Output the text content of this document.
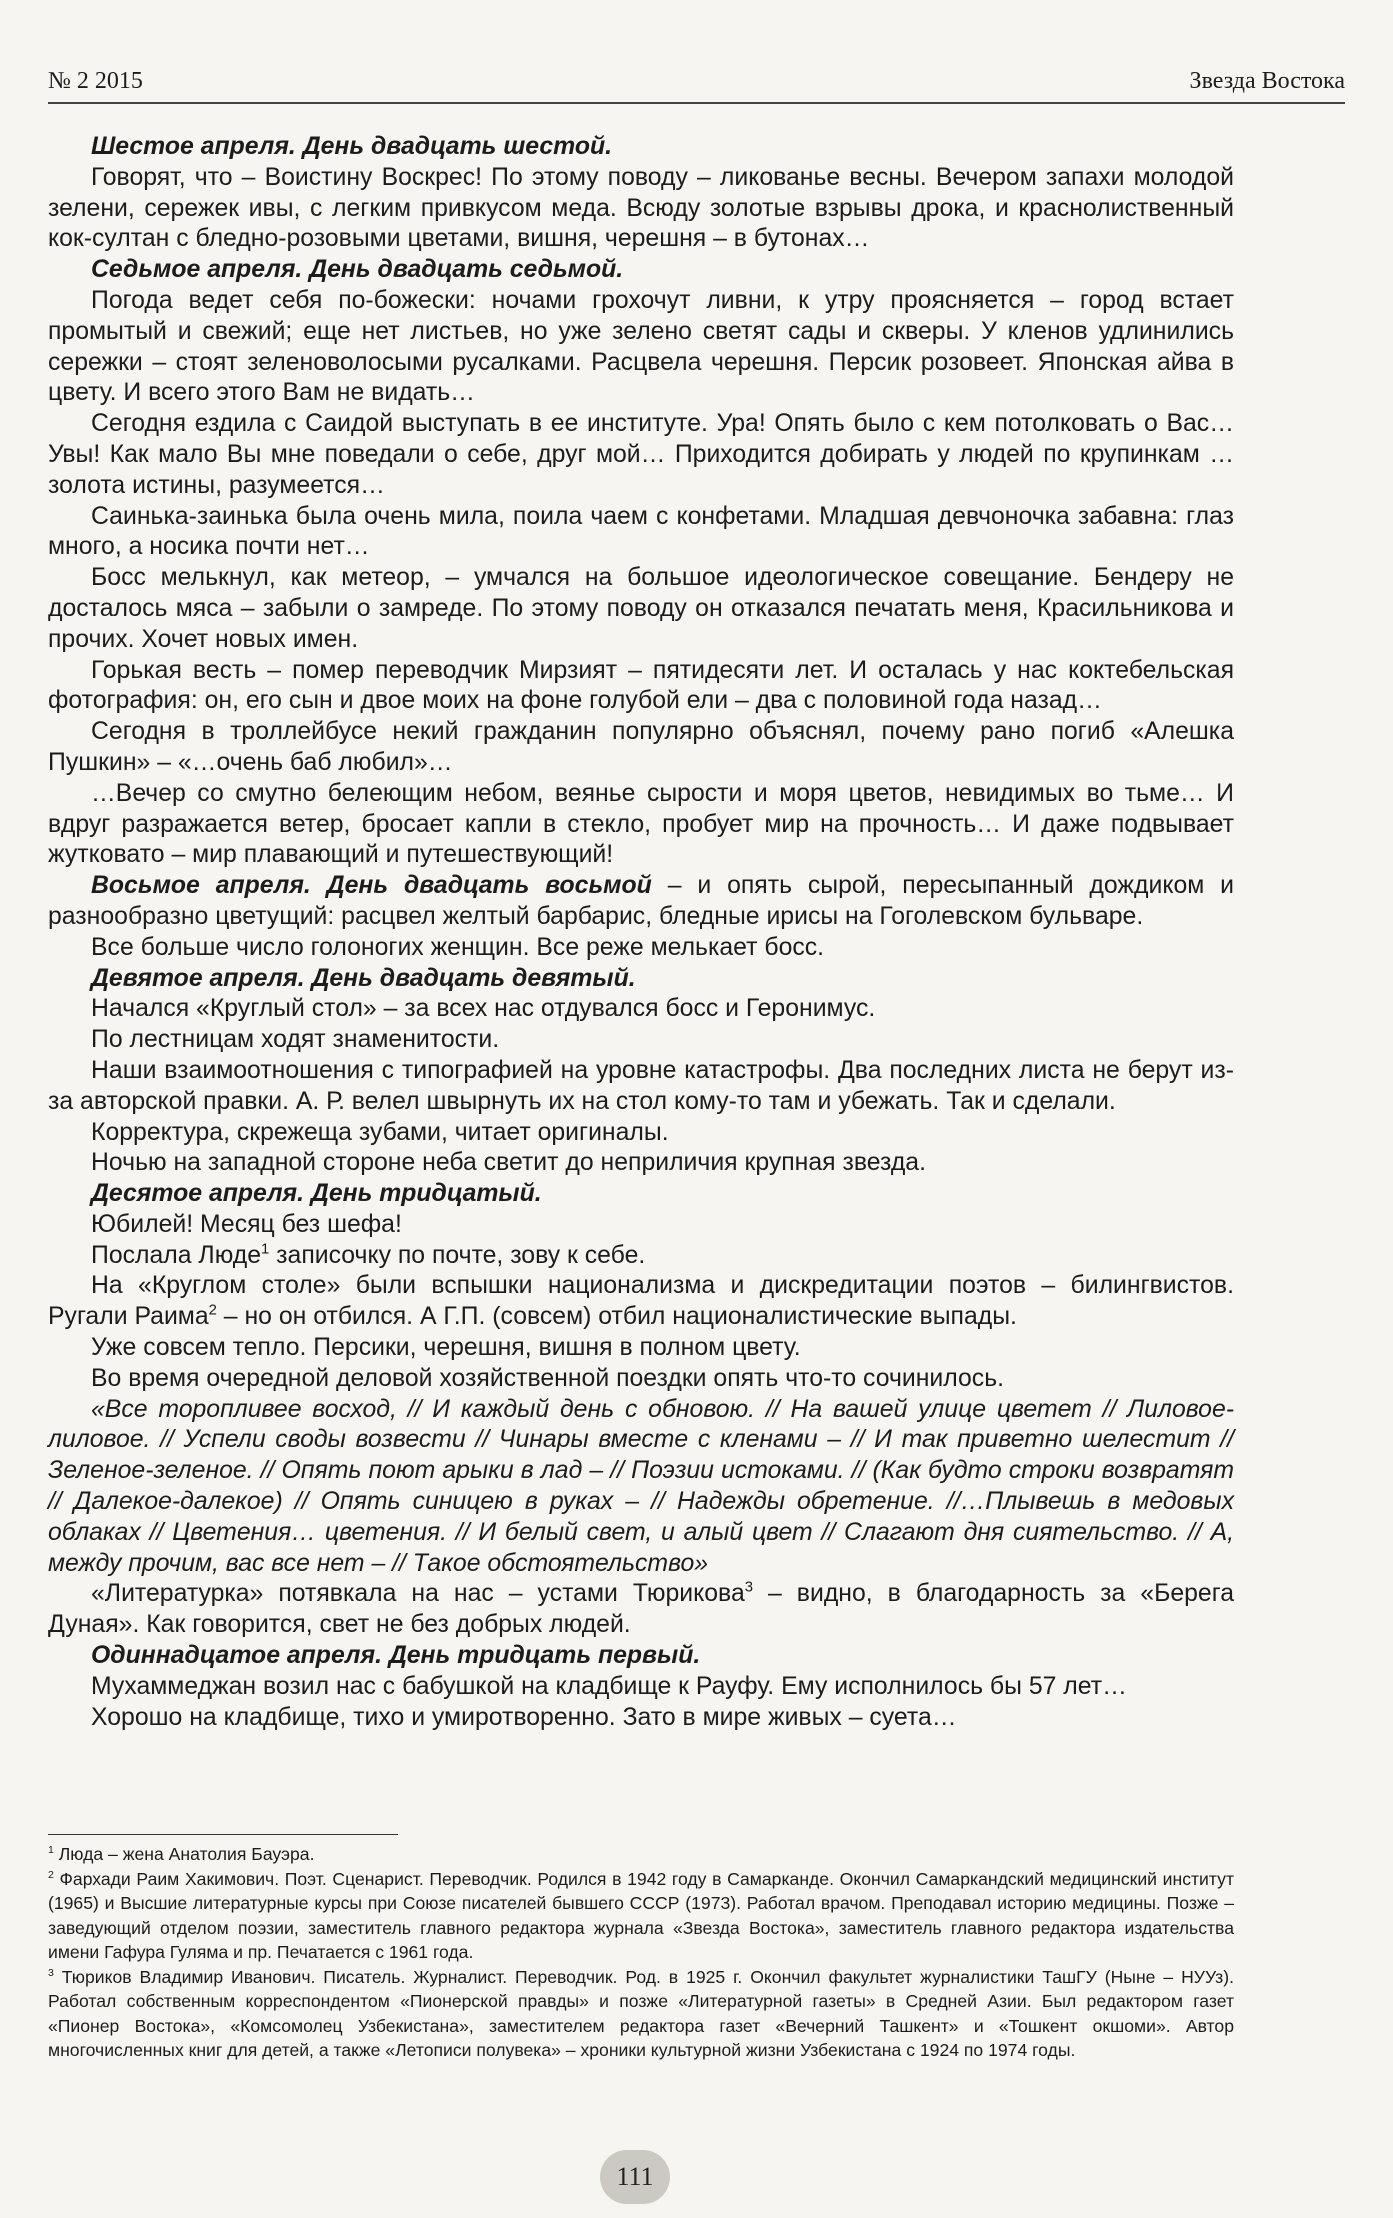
№ 2 2015	Звезда Востока

Шестое апреля. День двадцать шестой.

Говорят, что – Воистину Воскрес! По этому поводу – ликованье весны. Вечером запахи молодой зелени, сережек ивы, с легким привкусом меда. Всюду золотые взрывы дрока, и краснолиственный кок-султан с бледно-розовыми цветами, вишня, черешня – в бутонах…

Седьмое апреля. День двадцать седьмой.

Погода ведет себя по-божески: ночами грохочут ливни, к утру проясняется – город встает промытый и свежий; еще нет листьев, но уже зелено светят сады и скверы. У кленов удлинились сережки – стоят зеленоволосыми русалками. Расцвела черешня. Персик розовеет. Японская айва в цвету. И всего этого Вам не видать…

Сегодня ездила с Саидой выступать в ее институте. Ура! Опять было с кем потолковать о Вас… Увы! Как мало Вы мне поведали о себе, друг мой… Приходится добирать у людей по крупинкам …золота истины, разумеется…

Саинька-заинька была очень мила, поила чаем с конфетами. Младшая девчоночка забавна: глаз много, а носика почти нет…

Босс мелькнул, как метеор, – умчался на большое идеологическое совещание. Бендеру не досталось мяса – забыли о замреде. По этому поводу он отказался печатать меня, Красильникова и прочих. Хочет новых имен.

Горькая весть – помер переводчик Мирзият – пятидесяти лет. И осталась у нас коктебельская фотография: он, его сын и двое моих на фоне голубой ели – два с половиной года назад…

Сегодня в троллейбусе некий гражданин популярно объяснял, почему рано погиб «Алешка Пушкин» – «…очень баб любил»…

…Вечер со смутно белеющим небом, веянье сырости и моря цветов, невидимых во тьме… И вдруг разражается ветер, бросает капли в стекло, пробует мир на прочность… И даже подвывает жутковато – мир плавающий и путешествующий!

Восьмое апреля. День двадцать восьмой – и опять сырой, пересыпанный дождиком и разнообразно цветущий: расцвел желтый барбарис, бледные ирисы на Гоголевском бульваре.

Все больше число голоногих женщин. Все реже мелькает босс.

Девятое апреля. День двадцать девятый.

Начался «Круглый стол» – за всех нас отдувался босс и Геронимус.

По лестницам ходят знаменитости.

Наши взаимоотношения с типографией на уровне катастрофы. Два последних листа не берут из-за авторской правки. А. Р. велел швырнуть их на стол кому-то там и убежать. Так и сделали.

Корректура, скрежеща зубами, читает оригиналы.

Ночью на западной стороне неба светит до неприличия крупная звезда.

Десятое апреля. День тридцатый.

Юбилей! Месяц без шефа!

Послала Люде$^1$ записочку по почте, зову к себе.

На «Круглом столе» были вспышки национализма и дискредитации поэтов – билингвистов. Ругали Раима$^2$ – но он отбился. А Г.П. (совсем) отбил националистические выпады.

Уже совсем тепло. Персики, черешня, вишня в полном цвету.

Во время очередной деловой хозяйственной поездки опять что-то сочинилось.

«Все торопливее восход, // И каждый день с обновою. // На вашей улице цветет // Лиловое-лиловое. // Успели своды возвести // Чинары вместе с кленами – // И так приветно шелестит // Зеленое-зеленое. // Опять поют арыки в лад – // Поэзии истоками. // (Как будто строки возвратят // Далекое-далекое) // Опять синицею в руках – // Надежды обретение. //…Плывешь в медовых облаках // Цветения… цветения. // И белый свет, и алый цвет // Слагают дня сиятельство. // А, между прочим, вас все нет – // Такое обстоятельство»

«Литературка» потявкала на нас – устами Тюрикова$^3$ – видно, в благодарность за «Берега Дуная». Как говорится, свет не без добрых людей.

Одиннадцатое апреля. День тридцать первый.

Мухаммеджан возил нас с бабушкой на кладбище к Рауфу. Ему исполнилось бы 57 лет…

Хорошо на кладбище, тихо и умиротворенно. Зато в мире живых – суета…

$^1$ Люда – жена Анатолия Бауэра.

$^2$ Фархади Раим Хакимович. Поэт. Сценарист. Переводчик. Родился в 1942 году в Самарканде. Окончил Самаркандский медицинский институт (1965) и Высшие литературные курсы при Союзе писателей бывшего СССР (1973). Работал врачом. Преподавал историю медицины. Позже – заведующий отделом поэзии, заместитель главного редактора журнала «Звезда Востока», заместитель главного редактора издательства имени Гафура Гуляма и пр. Печатается с 1961 года.

$^3$ Тюриков Владимир Иванович. Писатель. Журналист. Переводчик. Род. в 1925 г. Окончил факультет журналистики ТашГУ (Ныне – НУУз). Работал собственным корреспондентом «Пионерской правды» и позже «Литературной газеты» в Средней Азии. Был редактором газет «Пионер Востока», «Комсомолец Узбекистана», заместителем редактора газет «Вечерний Ташкент» и «Тошкент окшоми». Автор многочисленных книг для детей, а также «Летописи полувека» – хроники культурной жизни Узбекистана с 1924 по 1974 годы.

111
